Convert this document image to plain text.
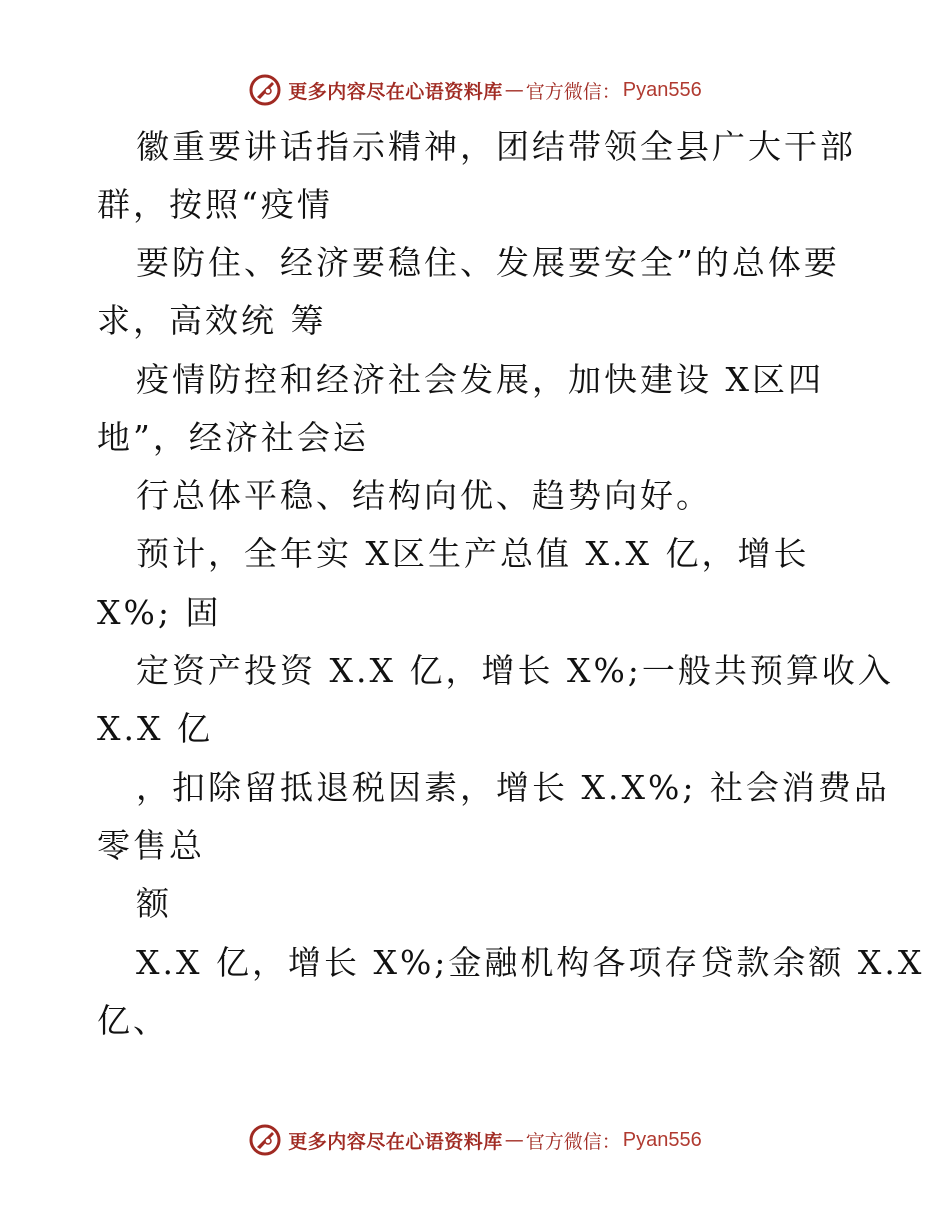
更多内容尽在心语资料库 — 官方微信： Pyan556
徽重要讲话指示精神，团结带领全县广大干部
群，按照“疫情
要防住、经济要稳住、发展要安全”的总体要
求，高效统 筹
疫情防控和经济社会发展，加快建设 X区四
地”，经济社会运
行总体平稳、结构向优、趋势向好。
预计，全年实 X区生产总值 X.X 亿，增长
X%; 固
定资产投资 X.X 亿，增长 X%;一般共预算收入
X.X 亿
，扣除留抵退税因素，增长 X.X%; 社会消费品
零售总
额
X.X 亿，增长 X%;金融机构各项存贷款余额 X.X
亿、
更多内容尽在心语资料库 — 官方微信： Pyan556
